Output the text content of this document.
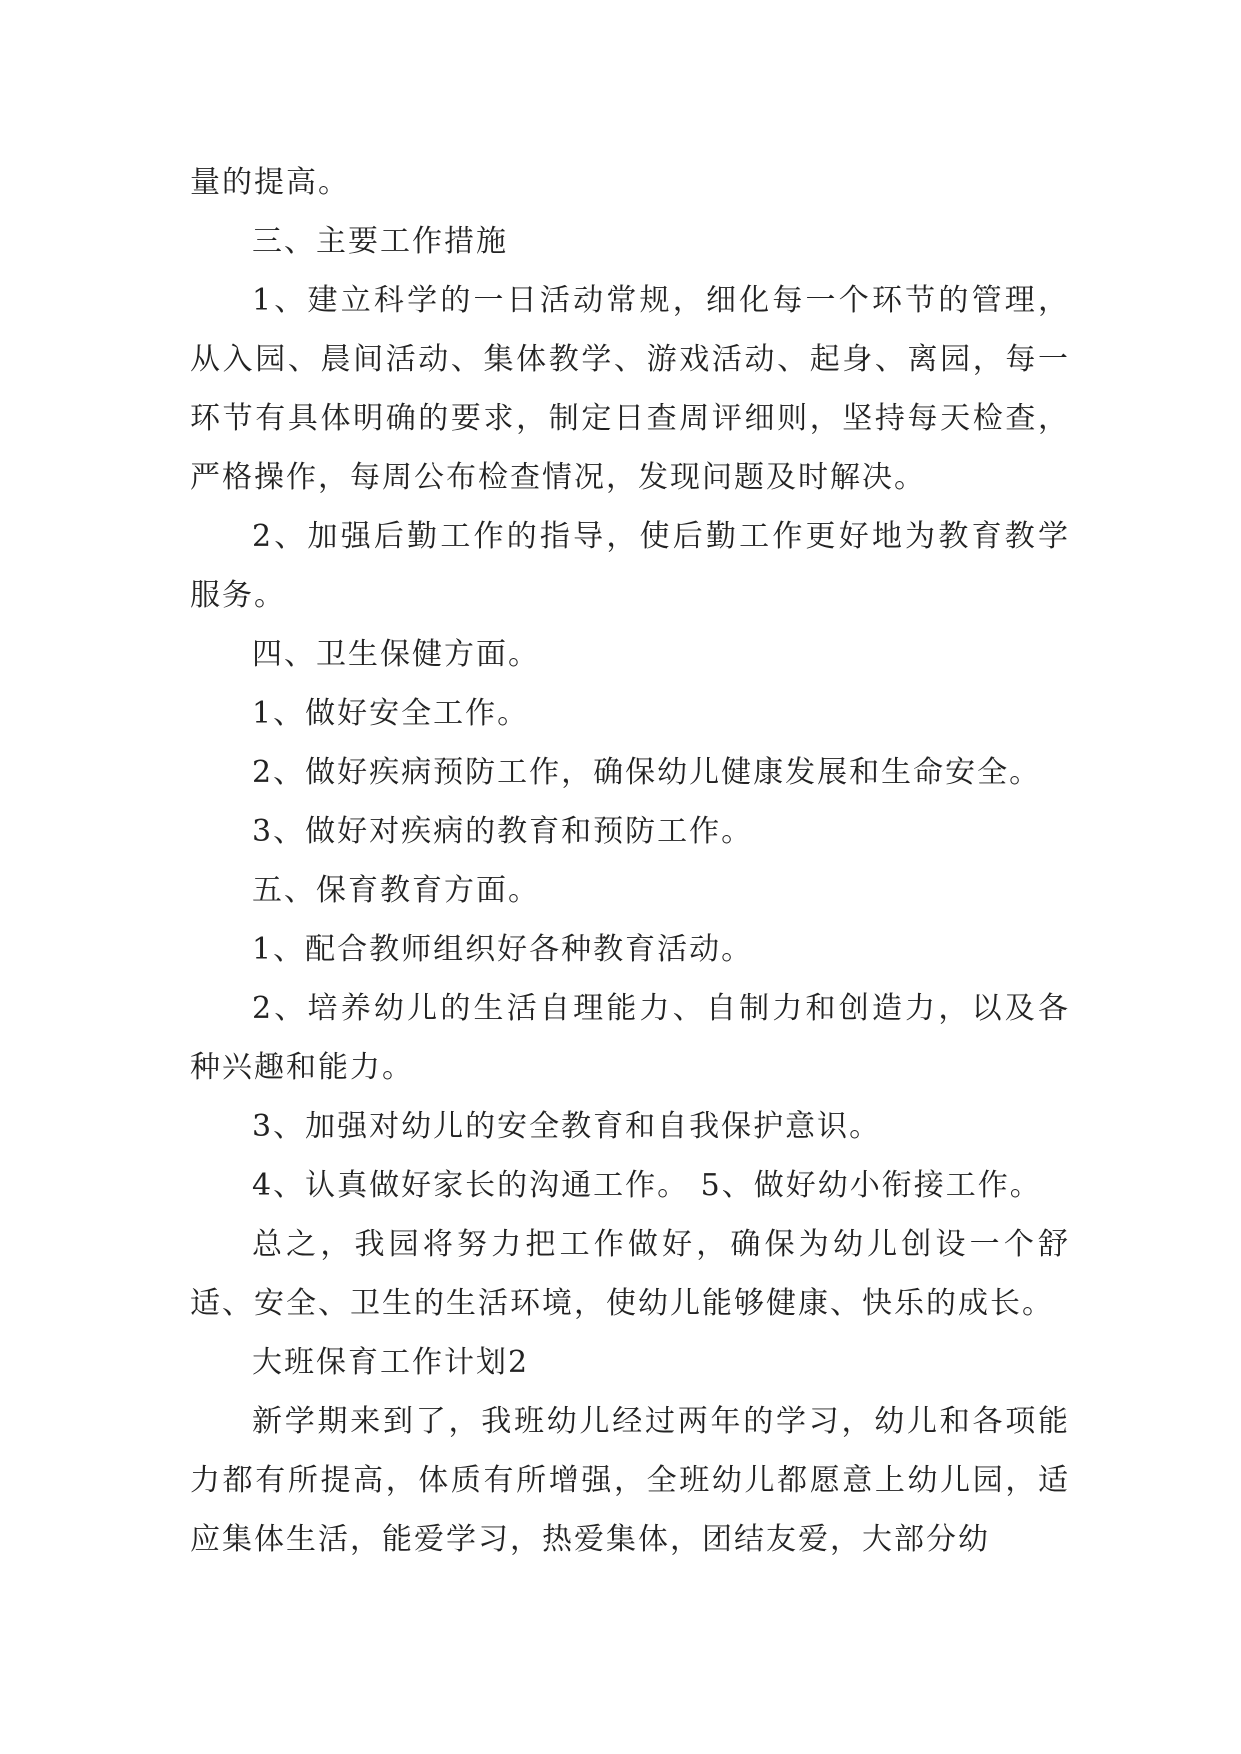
量的提高。

三、主要工作措施

1、建立科学的一日活动常规，细化每一个环节的管理，从入园、晨间活动、集体教学、游戏活动、起身、离园，每一环节有具体明确的要求，制定日查周评细则，坚持每天检查，严格操作，每周公布检查情况，发现问题及时解决。

2、加强后勤工作的指导，使后勤工作更好地为教育教学服务。

四、卫生保健方面。

1、做好安全工作。

2、做好疾病预防工作，确保幼儿健康发展和生命安全。

3、做好对疾病的教育和预防工作。

五、保育教育方面。

1、配合教师组织好各种教育活动。

2、培养幼儿的生活自理能力、自制力和创造力，以及各种兴趣和能力。

3、加强对幼儿的安全教育和自我保护意识。

4、认真做好家长的沟通工作。 5、做好幼小衔接工作。

总之，我园将努力把工作做好，确保为幼儿创设一个舒适、安全、卫生的生活环境，使幼儿能够健康、快乐的成长。

大班保育工作计划2

新学期来到了，我班幼儿经过两年的学习，幼儿和各项能力都有所提高，体质有所增强，全班幼儿都愿意上幼儿园，适应集体生活，能爱学习，热爱集体，团结友爱，大部分幼
